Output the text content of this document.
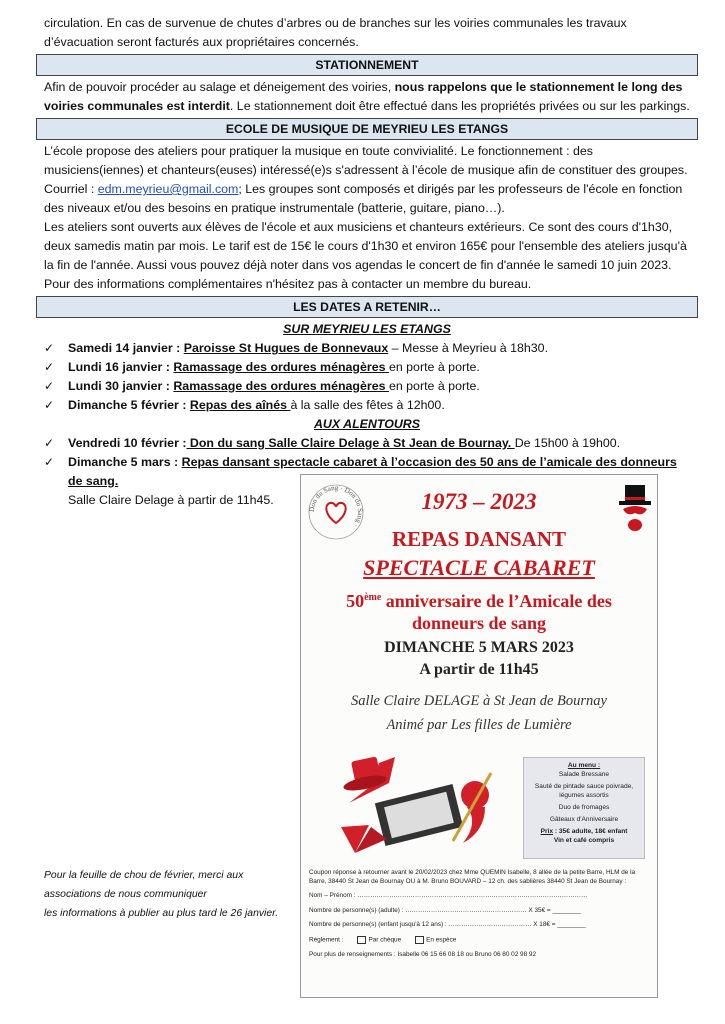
circulation. En cas de survenue de chutes d’arbres ou de branches sur les voiries communales les travaux d’évacuation seront facturés aux propriétaires concernés.

STATIONNEMENT

Afin de pouvoir procéder au salage et déneigement des voiries, nous rappelons que le stationnement le long des voiries communales est interdit. Le stationnement doit être effectué dans les propriétés privées ou sur les parkings.

ECOLE DE MUSIQUE DE MEYRIEU LES ETANGS

L’école propose des ateliers pour pratiquer la musique en toute convivialité. Le fonctionnement : des musiciens(iennes) et chanteurs(euses) intéressé(e)s s'adressent à l’école de musique afin de constituer des groupes.

Courriel : edm.meyrieu@gmail.com; Les groupes sont composés et dirigés par les professeurs de l'école en fonction des niveaux et/ou des besoins en pratique instrumentale (batterie, guitare, piano…).

Les ateliers sont ouverts aux élèves de l'école et aux musiciens et chanteurs extérieurs. Ce sont des cours d'1h30, deux samedis matin par mois. Le tarif est de 15€ le cours d'1h30 et environ 165€ pour l'ensemble des ateliers jusqu'à la fin de l'année. Aussi vous pouvez déjà noter dans vos agendas le concert de fin d'année le samedi 10 juin 2023.

Pour des informations complémentaires n'hésitez pas à contacter un membre du bureau.

LES DATES A RETENIR…
SUR MEYRIEU LES ETANGS
✓ Samedi 14 janvier : Paroisse St Hugues de Bonnevaux – Messe à Meyrieu à 18h30.
✓ Lundi 16 janvier : Ramassage des ordures ménagères en porte à porte.
✓ Lundi 30 janvier : Ramassage des ordures ménagères en porte à porte.
✓ Dimanche 5 février : Repas des aînés à la salle des fêtes à 12h00.
AUX ALENTOURS
✓ Vendredi 10 février : Don du sang Salle Claire Delage à St Jean de Bournay. De 15h00 à 19h00.
✓ Dimanche 5 mars : Repas dansant spectacle cabaret à l’occasion des 50 ans de l’amicale des donneurs de sang.

Salle Claire Delage à partir de 11h45.

Pour la feuille de chou de février, merci aux
associations de nous communiquer
les informations à publier au plus tard le 26 janvier.
Don du Sang · Don du Sang ·
1973 – 2023
REPAS DANSANT
SPECTACLE CABARET
50ème anniversaire de l’Amicale des donneurs de sang
DIMANCHE 5 MARS 2023
A partir de 11h45
Salle Claire DELAGE à St Jean de Bournay
Animé par Les filles de Lumière
Au menu :

Salade Bressane

Sauté de pintade sauce poivrade, légumes assortis

Duo de fromages

Gâteaux d'Anniversaire

Prix : 35€ adulte, 18€ enfant
Vin et café compris
Coupon réponse à retourner avant le 20/02/2023 chez Mme QUEMIN Isabelle, 8 allée de la petite Barre, HLM de la Barre, 38440 St Jean de Bournay OU à M. Bruno BOUVARD – 12 ch. des sablières 38440 St Jean de Bournay :
Nom – Prénom : ………………………………………………………………………………………………
Nombre de personne(s) (adulte) : ………………………………………………… X 35€ = ________
Nombre de personne(s) (enfant jusqu'à 12 ans) : ………………………………… X 18€ = ________
Règlement :	Par chèque	En espèce
Pour plus de renseignements : Isabelle 06 15 66 08 18 ou Bruno 06 80 02 98 92
